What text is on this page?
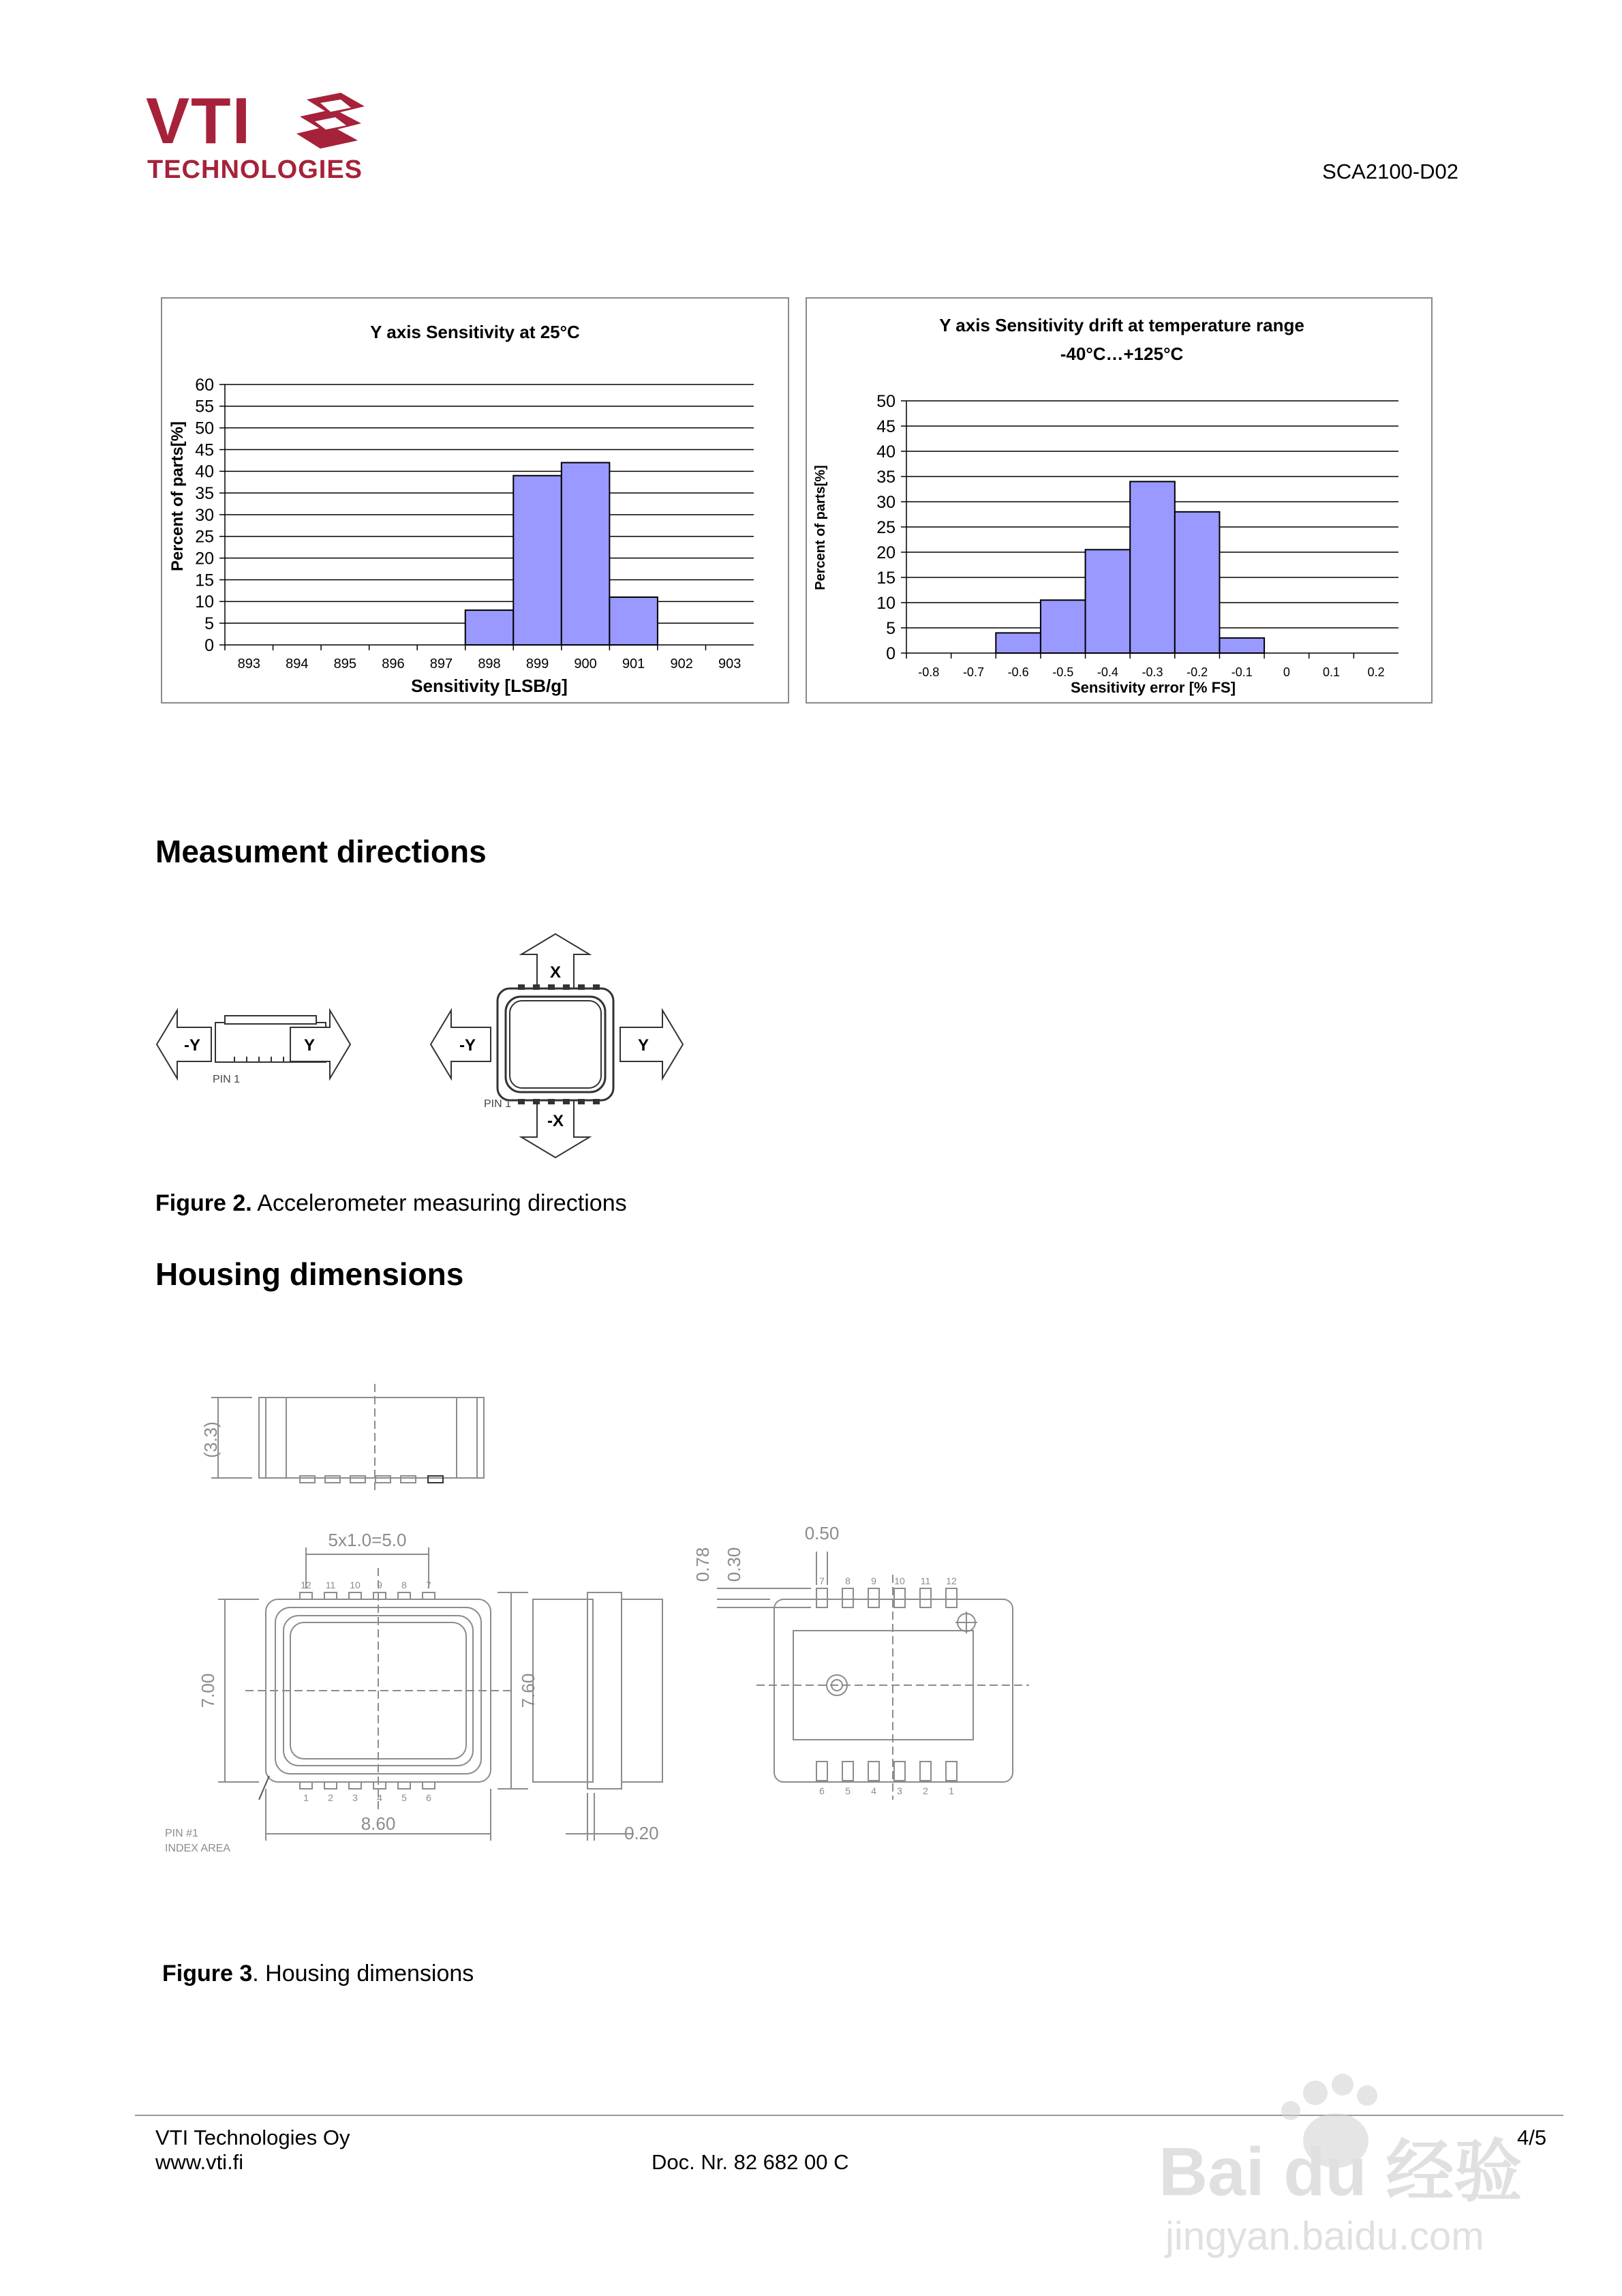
VTI
TECHNOLOGIES	SCA2100-D02
Y axis Sensitivity at 25°C
0
5
10
15
20
25
30
35
40
45
50
55
60
893 894 895 896 897 898 899 900 901 902 903
Percent of parts[%]
Sensitivity [LSB/g]
Y axis Sensitivity drift at temperature range
-40°C…+125°C
0
5
10
15
20
25
30
35
40
45
50
-0.8 -0.7 -0.6 -0.5 -0.4 -0.3 -0.2 -0.1	0	0.1 0.2
Percent of parts[%]
Sensitivity error [% FS]
Measument directions
-Y	Y	-Y	Y
X
-X
PIN 1
PIN 1
Figure 2. Accelerometer measuring directions
Housing dimensions
(3.3)
5x1.0=5.0
7.00
8.60
7.60
0.20
0.78 0.30
0.50
PIN #1
INDEX AREA
12 11 10 9 8 7
1 2 3 4 5 6
7 8 9 10 11 12
6 5 4 3 2 1
Figure 3. Housing dimensions
VTI Technologies Oy
www.vti.fi	Doc. Nr. 82 682 00 C
4/5
Bai du 经验
jingyan.baidu.com
